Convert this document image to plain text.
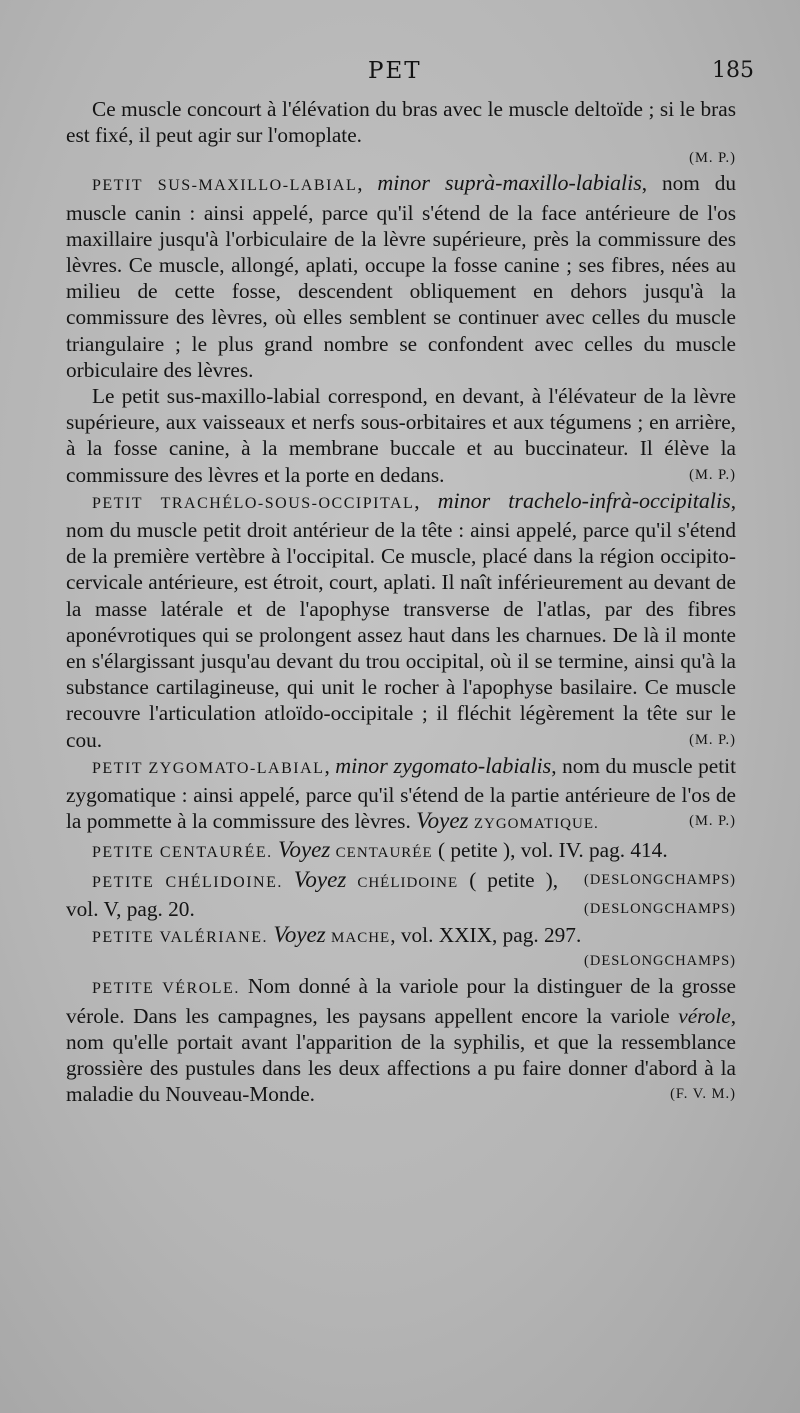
PET	185

Ce muscle concourt à l'élévation du bras avec le muscle deltoïde ; si le bras est fixé, il peut agir sur l'omoplate.

(M. P.)

PETIT SUS-MAXILLO-LABIAL, minor suprà-maxillo-labialis, nom du muscle canin : ainsi appelé, parce qu'il s'étend de la face antérieure de l'os maxillaire jusqu'à l'orbiculaire de la lèvre supérieure, près la commissure des lèvres. Ce muscle, allongé, aplati, occupe la fosse canine ; ses fibres, nées au milieu de cette fosse, descendent obliquement en dehors jusqu'à la commissure des lèvres, où elles semblent se continuer avec celles du muscle triangulaire ; le plus grand nombre se confondent avec celles du muscle orbiculaire des lèvres.

Le petit sus-maxillo-labial correspond, en devant, à l'élévateur de la lèvre supérieure, aux vaisseaux et nerfs sous-orbitaires et aux tégumens ; en arrière, à la fosse canine, à la membrane buccale et au buccinateur. Il élève la commissure des lèvres et la porte en dedans.	(M. P.)

PETIT TRACHÉLO-SOUS-OCCIPITAL, minor trachelo-infrà-occipitalis, nom du muscle petit droit antérieur de la tête : ainsi appelé, parce qu'il s'étend de la première vertèbre à l'occipital. Ce muscle, placé dans la région occipito-cervicale antérieure, est étroit, court, aplati. Il naît inférieurement au devant de la masse latérale et de l'apophyse transverse de l'atlas, par des fibres aponévrotiques qui se prolongent assez haut dans les charnues. De là il monte en s'élargissant jusqu'au devant du trou occipital, où il se termine, ainsi qu'à la substance cartilagineuse, qui unit le rocher à l'apophyse basilaire. Ce muscle recouvre l'articulation atloïdo-occipitale ; il fléchit légèrement la tête sur le cou.	(M. P.)

PETIT ZYGOMATO-LABIAL, minor zygomato-labialis, nom du muscle petit zygomatique : ainsi appelé, parce qu'il s'étend de la partie antérieure de l'os de la pommette à la commissure des lèvres. Voyez ZYGOMATIQUE.	(M. P.)

PETITE CENTAURÉE. Voyez CENTAURÉE ( petite ), vol. IV. pag. 414.
(DESLONGCHAMPS)

PETITE CHÉLIDOINE. Voyez CHÉLIDOINE ( petite ), vol. V, pag. 20.	(DESLONGCHAMPS)

PETITE VALÉRIANE. Voyez MACHE, vol. XXIX, pag. 297.

(DESLONGCHAMPS)

PETITE VÉROLE. Nom donné à la variole pour la distinguer de la grosse vérole. Dans les campagnes, les paysans appellent encore la variole vérole, nom qu'elle portait avant l'apparition de la syphilis, et que la ressemblance grossière des pustules dans les deux affections a pu faire donner d'abord à la maladie du Nouveau-Monde.	(F. V. M.)
